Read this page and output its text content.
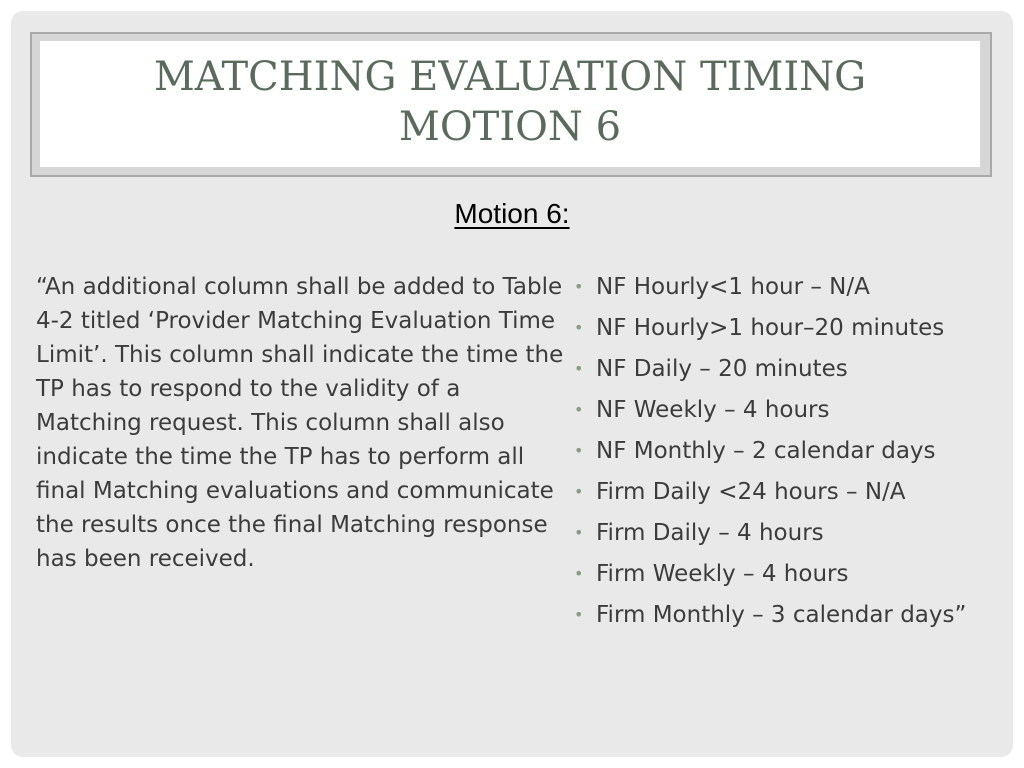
MATCHING EVALUATION TIMING
MOTION 6
Motion 6:

“An additional column shall be added to Table 4-2 titled ‘Provider Matching Evaluation Time Limit’. This column shall indicate the time the TP has to respond to the validity of a Matching request. This column shall also indicate the time the TP has to perform all final Matching evaluations and communicate the results once the final Matching response has been received.

• NF Hourly<1 hour – N/A
• NF Hourly>1 hour–20 minutes
• NF Daily – 20 minutes
• NF Weekly – 4 hours
• NF Monthly – 2 calendar days
• Firm Daily <24 hours – N/A
• Firm Daily – 4 hours
• Firm Weekly – 4 hours
• Firm Monthly – 3 calendar days”
